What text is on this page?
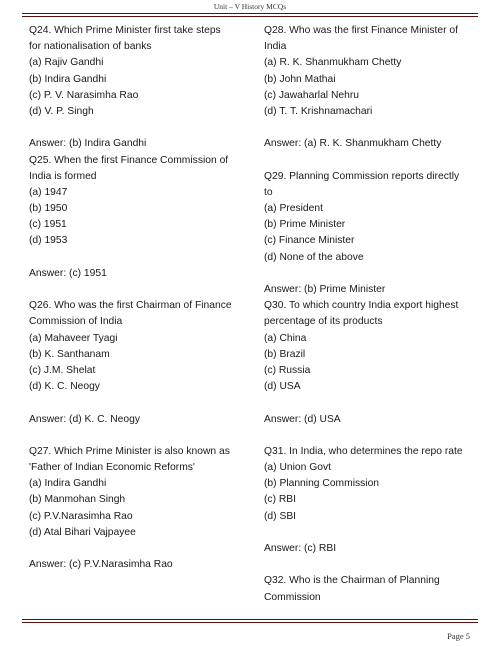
Unit – V History MCQs
Q24. Which Prime Minister first take steps
for nationalisation of banks
(a) Rajiv Gandhi
(b) Indira Gandhi
(c) P. V. Narasimha Rao
(d) V. P. Singh
Answer: (b) Indira Gandhi
Q25. When the first Finance Commission of
India is formed
(a) 1947
(b) 1950
(c) 1951
(d) 1953
Answer: (c) 1951
Q26. Who was the first Chairman of Finance
Commission of India
(a) Mahaveer Tyagi
(b) K. Santhanam
(c) J.M. Shelat
(d) K. C. Neogy
Answer: (d) K. C. Neogy
Q27. Which Prime Minister is also known as
'Father of Indian Economic Reforms'
(a) Indira Gandhi
(b) Manmohan Singh
(c) P.V.Narasimha Rao
(d) Atal Bihari Vajpayee
Answer: (c) P.V.Narasimha Rao
Q28. Who was the first Finance Minister of
India
(a) R. K. Shanmukham Chetty
(b) John Mathai
(c) Jawaharlal Nehru
(d) T. T. Krishnamachari
Answer: (a) R. K. Shanmukham Chetty
Q29. Planning Commission reports directly
to
(a) President
(b) Prime Minister
(c) Finance Minister
(d) None of the above
Answer: (b) Prime Minister
Q30. To which country India export highest
percentage of its products
(a) China
(b) Brazil
(c) Russia
(d) USA
Answer: (d) USA
Q31. In India, who determines the repo rate
(a) Union Govt
(b) Planning Commission
(c) RBI
(d) SBI
Answer: (c) RBI
Q32. Who is the Chairman of Planning
Commission
Page 5
